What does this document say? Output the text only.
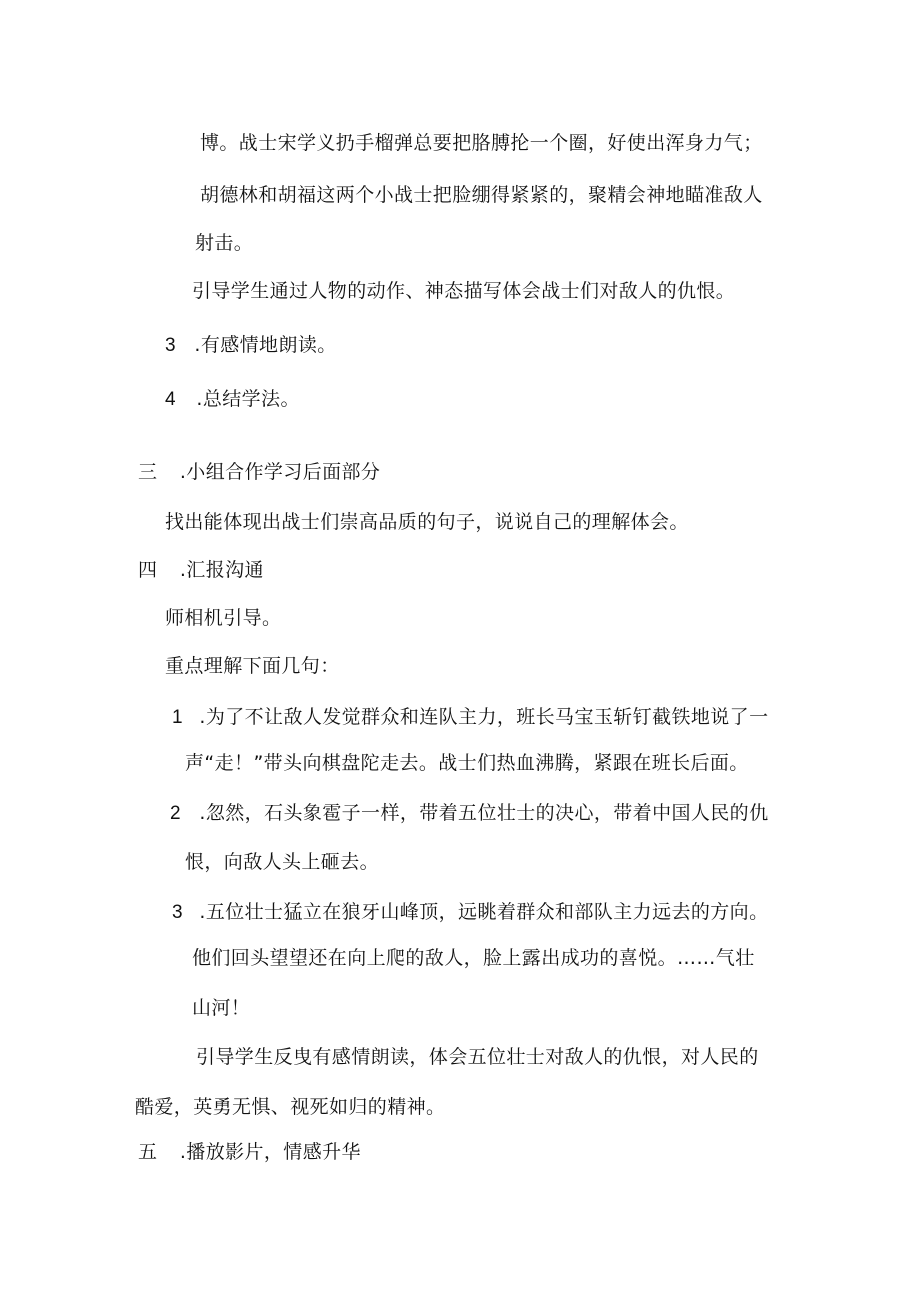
博。战士宋学义扔手榴弹总要把胳膊抡一个圈，好使出浑身力气；
胡德林和胡福这两个小战士把脸绷得紧紧的，聚精会神地瞄准敌人
射击。
引导学生通过人物的动作、神态描写体会战士们对敌人的仇恨。
3 .有感情地朗读。
4 .总结学法。
三 .小组合作学习后面部分
找出能体现出战士们崇高品质的句子，说说自己的理解体会。
四 .汇报沟通
师相机引导。
重点理解下面几句：
1 .为了不让敌人发觉群众和连队主力，班长马宝玉斩钉截铁地说了一
声“走！”带头向棋盘陀走去。战士们热血沸腾，紧跟在班长后面。
2 .忽然，石头象雹子一样，带着五位壮士的决心，带着中国人民的仇
恨，向敌人头上砸去。
3 .五位壮士猛立在狼牙山峰顶，远眺着群众和部队主力远去的方向。
他们回头望望还在向上爬的敌人，脸上露出成功的喜悦。……气壮
山河！
引导学生反曳有感情朗读，体会五位壮士对敌人的仇恨，对人民的
酷爱，英勇无惧、视死如归的精神。
五 .播放影片，情感升华
